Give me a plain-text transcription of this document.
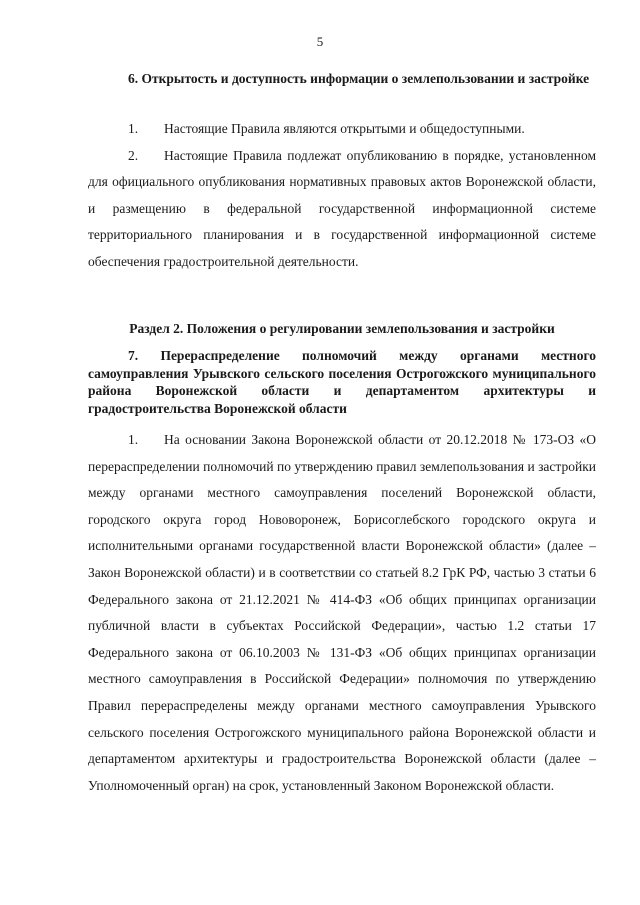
5

6. Открытость и доступность информации о землепользовании и застройке

1. Настоящие Правила являются открытыми и общедоступными.

2. Настоящие Правила подлежат опубликованию в порядке, установленном для официального опубликования нормативных правовых актов Воронежской области, и размещению в федеральной государственной информационной системе территориального планирования и в государственной информационной системе обеспечения градостроительной деятельности.

Раздел 2. Положения о регулировании землепользования и застройки

7. Перераспределение полномочий между органами местного самоуправления Урывского сельского поселения Острогожского муниципального района Воронежской области и департаментом архитектуры и градостроительства Воронежской области

1. На основании Закона Воронежской области от 20.12.2018 № 173-ОЗ «О перераспределении полномочий по утверждению правил землепользования и застройки между органами местного самоуправления поселений Воронежской области, городского округа город Нововоронеж, Борисоглебского городского округа и исполнительными органами государственной власти Воронежской области» (далее – Закон Воронежской области) и в соответствии со статьей 8.2 ГрК РФ, частью 3 статьи 6 Федерального закона от 21.12.2021 № 414-ФЗ «Об общих принципах организации публичной власти в субъектах Российской Федерации», частью 1.2 статьи 17 Федерального закона от 06.10.2003 № 131-ФЗ «Об общих принципах организации местного самоуправления в Российской Федерации» полномочия по утверждению Правил перераспределены между органами местного самоуправления Урывского сельского поселения Острогожского муниципального района Воронежской области и департаментом архитектуры и градостроительства Воронежской области (далее – Уполномоченный орган) на срок, установленный Законом Воронежской области.
